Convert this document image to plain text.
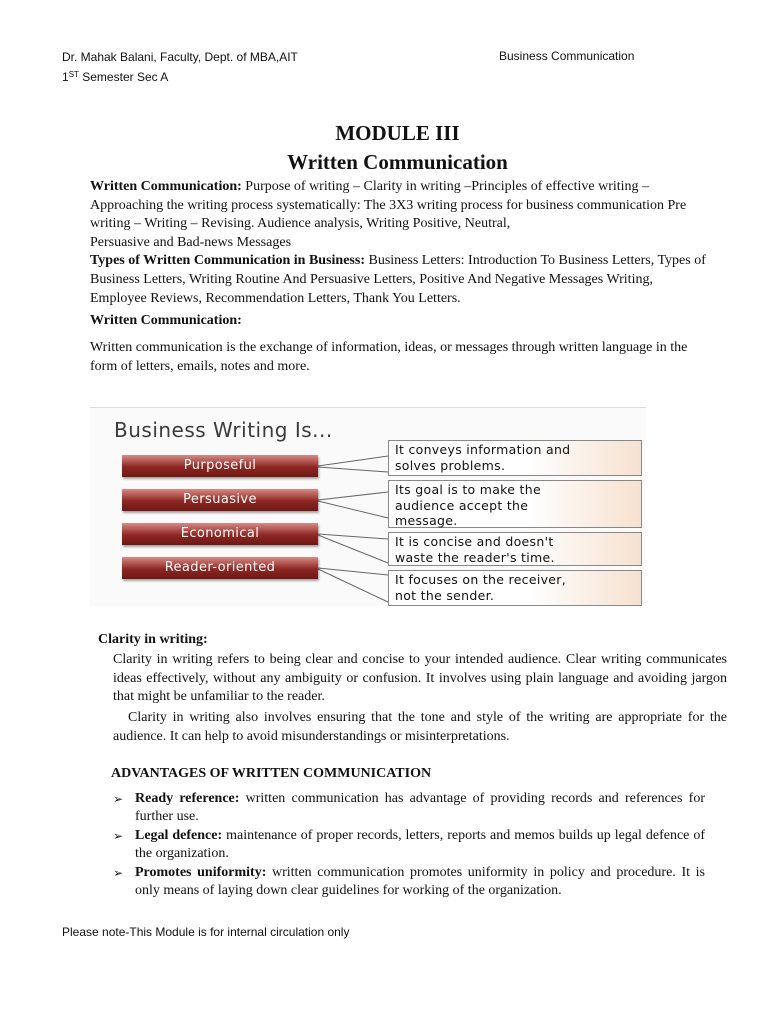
Dr. Mahak Balani, Faculty, Dept. of MBA,AIT
1ST Semester Sec A
Business Communication
MODULE III
Written Communication

Written Communication: Purpose of writing – Clarity in writing –Principles of effective writing – Approaching the writing process systematically: The 3X3 writing process for business communication Pre writing – Writing – Revising. Audience analysis, Writing Positive, Neutral,
Persuasive and Bad-news Messages

Types of Written Communication in Business: Business Letters: Introduction To Business Letters, Types of Business Letters, Writing Routine And Persuasive Letters, Positive And Negative Messages Writing, Employee Reviews, Recommendation Letters, Thank You Letters.

Written Communication:
Written communication is the exchange of information, ideas, or messages through written language in the form of letters, emails, notes and more.
Business Writing Is...
Purposeful
Persuasive
Economical
Reader-oriented
It conveys information and
solves problems.
Its goal is to make the
audience accept the
message.
It is concise and doesn't
waste the reader's time.
It focuses on the receiver,
not the sender.
Clarity in writing:
Clarity in writing refers to being clear and concise to your intended audience. Clear writing communicates ideas effectively, without any ambiguity or confusion. It involves using plain language and avoiding jargon that might be unfamiliar to the reader.
Clarity in writing also involves ensuring that the tone and style of the writing are appropriate for the audience. It can help to avoid misunderstandings or misinterpretations.
ADVANTAGES OF WRITTEN COMMUNICATION
➢ Ready reference: written communication has advantage of providing records and references for further use.
➢ Legal defence: maintenance of proper records, letters, reports and memos builds up legal defence of the organization.
➢ Promotes uniformity: written communication promotes uniformity in policy and procedure. It is only means of laying down clear guidelines for working of the organization.
Please note-This Module is for internal circulation only
